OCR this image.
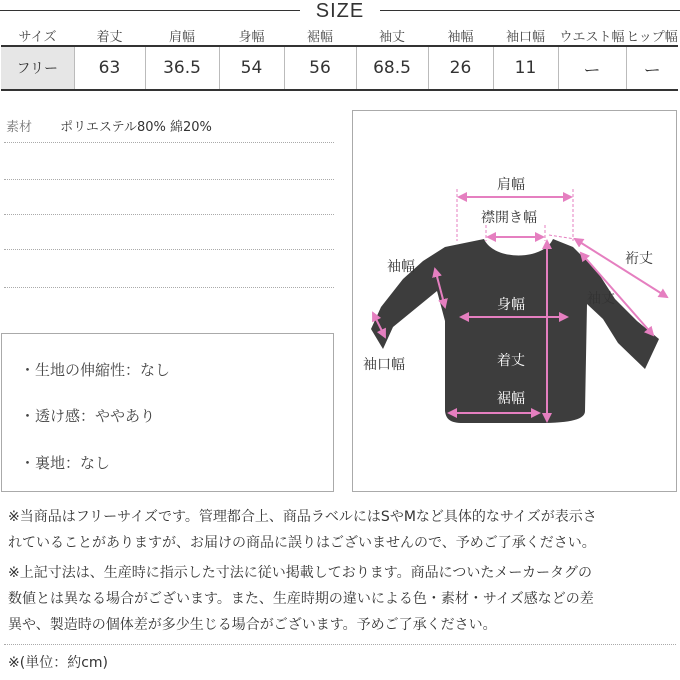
SIZE
サイズ	着丈	肩幅	身幅	裾幅	袖丈	袖幅	袖口幅	ウエスト幅	ヒップ幅
フリー	63	36.5	54	56	68.5	26	11	ー	ー
素材 ポリエステル80% 綿20%
・生地の伸縮性：なし
・透け感：ややあり
・裏地：なし
肩幅
襟開き幅
裄丈
袖丈
袖幅
袖口幅
身幅
着丈
裾幅
※当商品はフリーサイズです。管理都合上、商品ラベルにはSやMなど具体的なサイズが表示さ
れていることがありますが、お届けの商品に誤りはございませんので、予めご了承ください。
※上記寸法は、生産時に指示した寸法に従い掲載しております。商品についたメーカータグの
数値とは異なる場合がございます。また、生産時期の違いによる色・素材・サイズ感などの差
異や、製造時の個体差が多少生じる場合がございます。予めご了承ください。
※(単位：約cm)
